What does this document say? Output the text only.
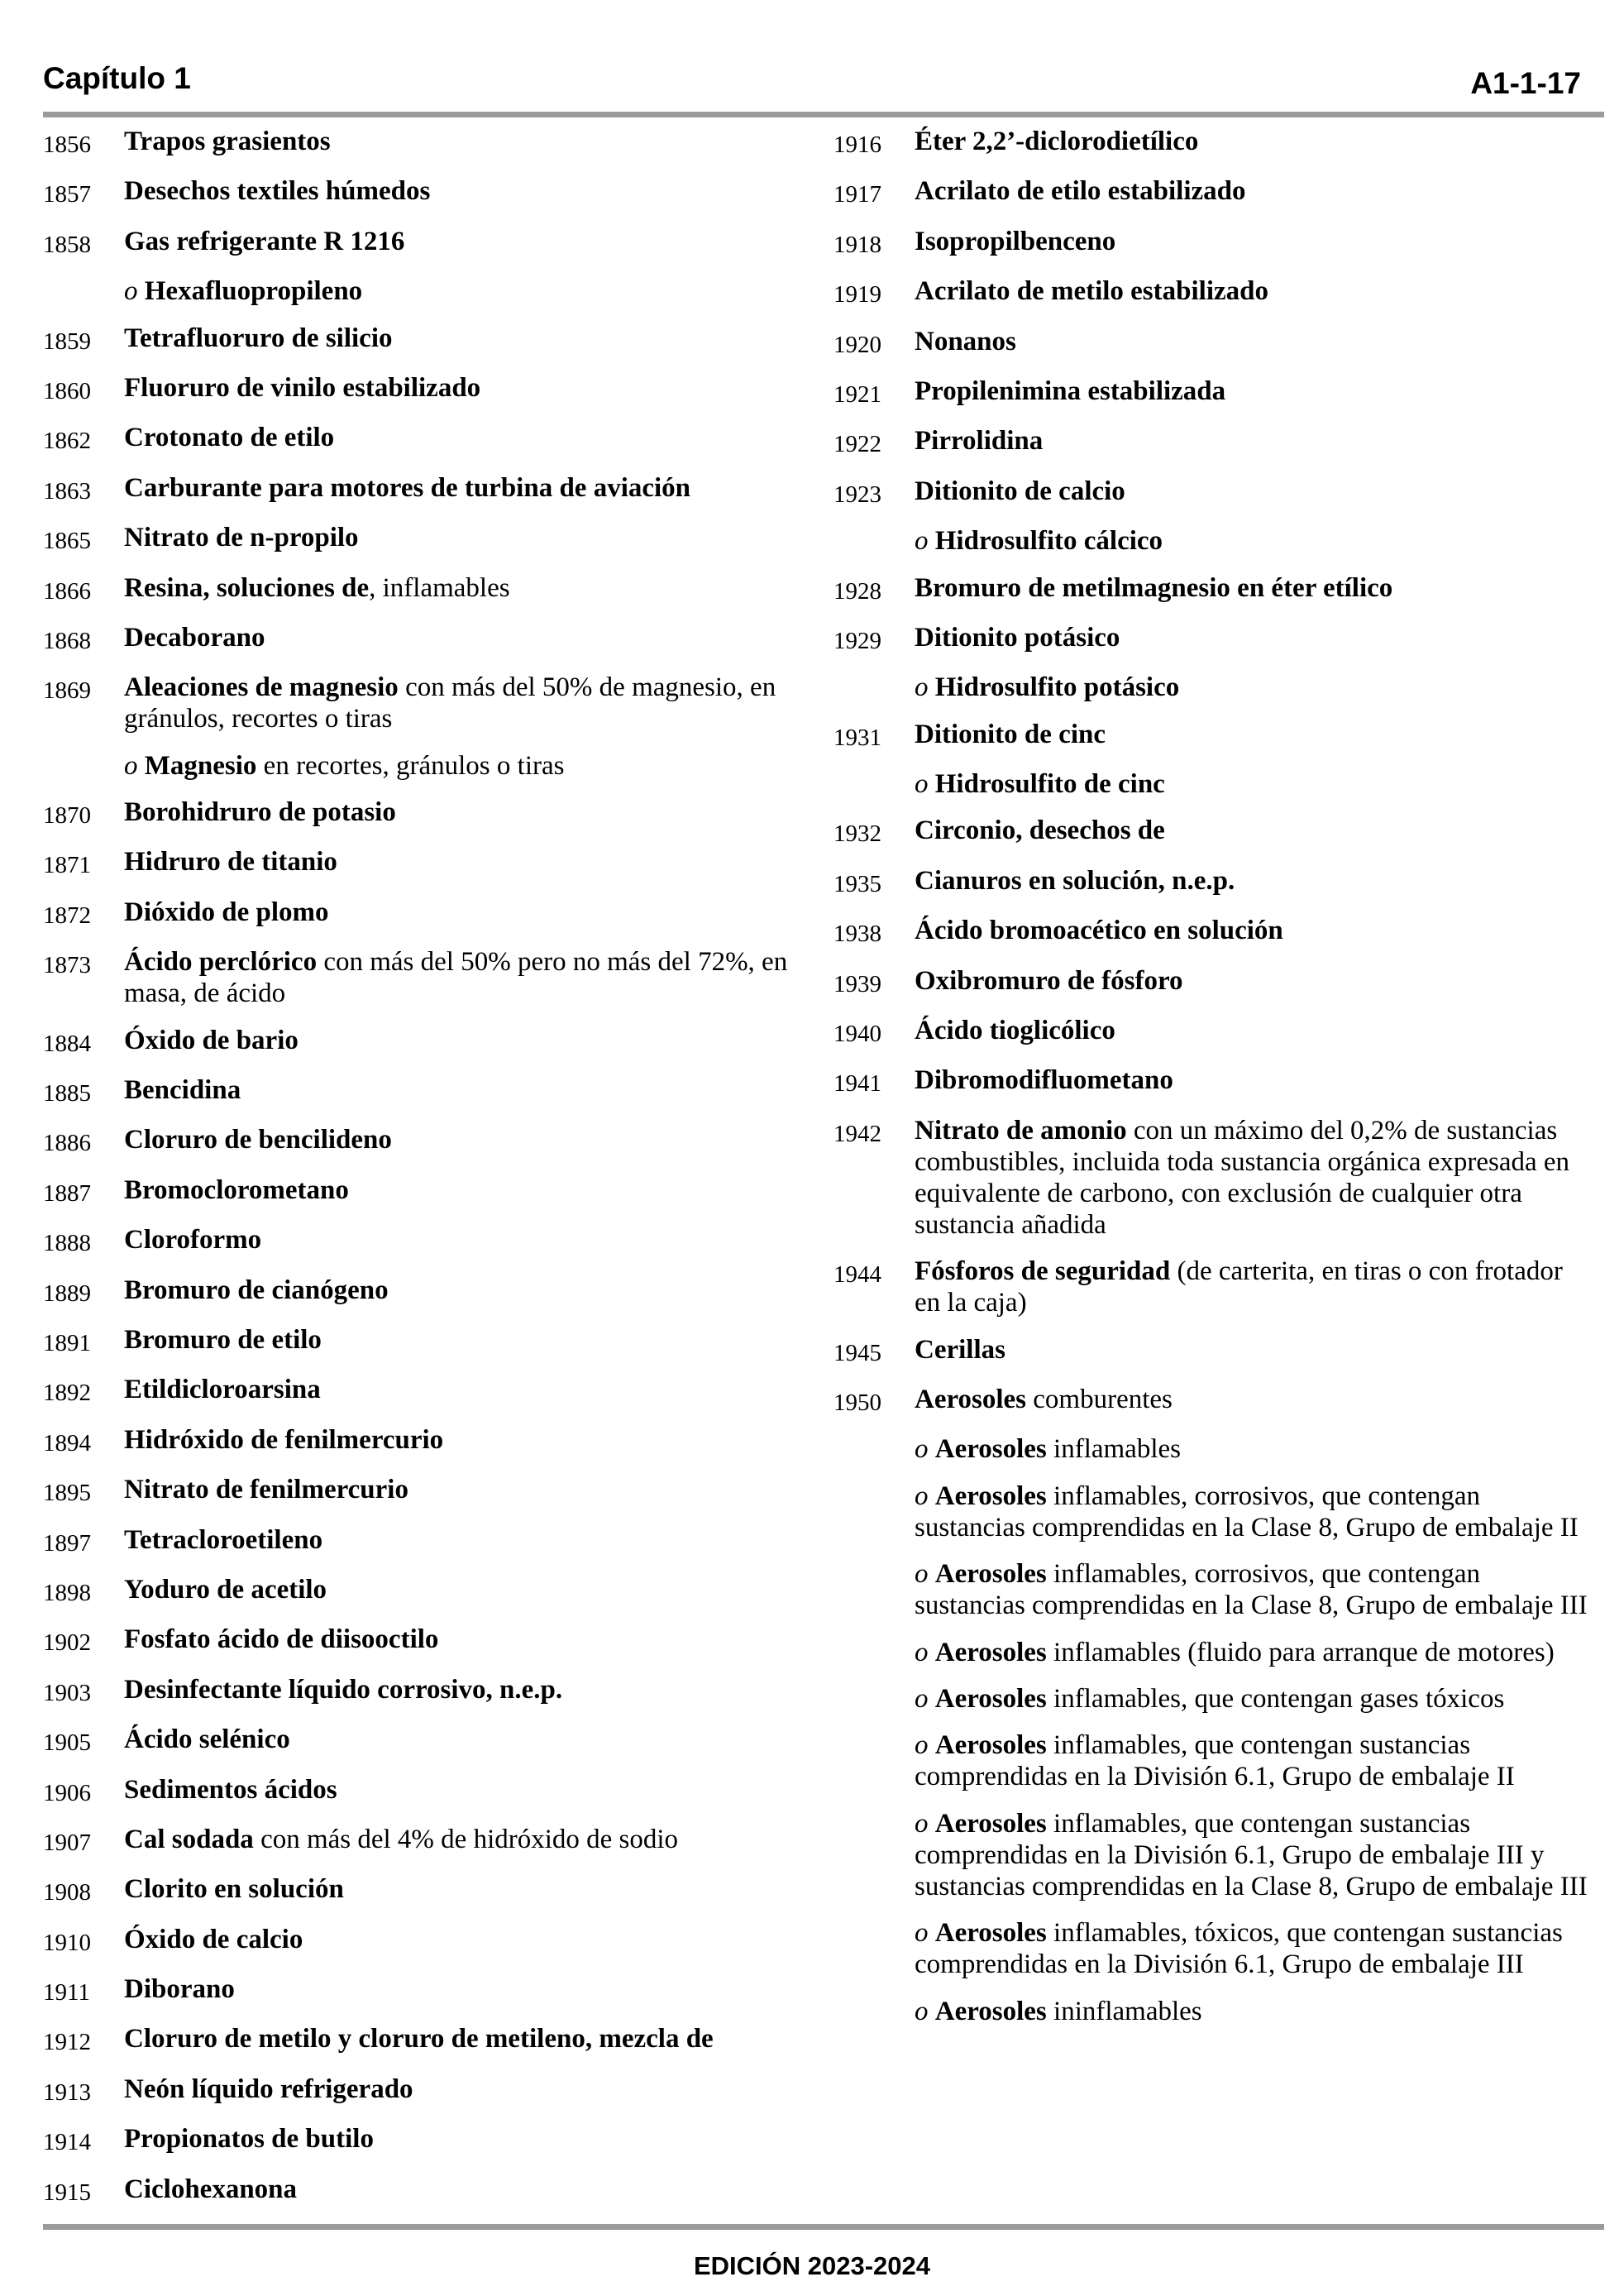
Capítulo 1	A1-1-17
1856	Trapos grasientos
1857	Desechos textiles húmedos
1858	Gas refrigerante R 1216
o Hexafluopropileno
1859	Tetrafluoruro de silicio
1860	Fluoruro de vinilo estabilizado
1862	Crotonato de etilo
1863	Carburante para motores de turbina de aviación
1865	Nitrato de n-propilo
1866	Resina, soluciones de, inflamables
1868	Decaborano
1869	Aleaciones de magnesio con más del 50% de magnesio, en gránulos, recortes o tiras
o Magnesio en recortes, gránulos o tiras
1870	Borohidruro de potasio
1871	Hidruro de titanio
1872	Dióxido de plomo
1873	Ácido perclórico con más del 50% pero no más del 72%, en masa, de ácido
1884	Óxido de bario
1885	Bencidina
1886	Cloruro de bencilideno
1887	Bromoclorometano
1888	Cloroformo
1889	Bromuro de cianógeno
1891	Bromuro de etilo
1892	Etildicloroarsina
1894	Hidróxido de fenilmercurio
1895	Nitrato de fenilmercurio
1897	Tetracloroetileno
1898	Yoduro de acetilo
1902	Fosfato ácido de diisooctilo
1903	Desinfectante líquido corrosivo, n.e.p.
1905	Ácido selénico
1906	Sedimentos ácidos
1907	Cal sodada con más del 4% de hidróxido de sodio
1908	Clorito en solución
1910	Óxido de calcio
1911	Diborano
1912	Cloruro de metilo y cloruro de metileno, mezcla de
1913	Neón líquido refrigerado
1914	Propionatos de butilo
1915	Ciclohexanona
1916	Éter 2,2’-diclorodietílico
1917	Acrilato de etilo estabilizado
1918	Isopropilbenceno
1919	Acrilato de metilo estabilizado
1920	Nonanos
1921	Propilenimina estabilizada
1922	Pirrolidina
1923	Ditionito de calcio
o Hidrosulfito cálcico
1928	Bromuro de metilmagnesio en éter etílico
1929	Ditionito potásico
o Hidrosulfito potásico
1931	Ditionito de cinc
o Hidrosulfito de cinc
1932	Circonio, desechos de
1935	Cianuros en solución, n.e.p.
1938	Ácido bromoacético en solución
1939	Oxibromuro de fósforo
1940	Ácido tioglicólico
1941	Dibromodifluometano
1942	Nitrato de amonio con un máximo del 0,2% de sustancias combustibles, incluida toda sustancia orgánica expresada en equivalente de carbono, con exclusión de cualquier otra sustancia añadida
1944	Fósforos de seguridad (de carterita, en tiras o con frotador en la caja)
1945	Cerillas
1950	Aerosoles comburentes
o Aerosoles inflamables
o Aerosoles inflamables, corrosivos, que contengan sustancias comprendidas en la Clase 8, Grupo de embalaje II
o Aerosoles inflamables, corrosivos, que contengan sustancias comprendidas en la Clase 8, Grupo de embalaje III
o Aerosoles inflamables (fluido para arranque de motores)
o Aerosoles inflamables, que contengan gases tóxicos
o Aerosoles inflamables, que contengan sustancias comprendidas en la División 6.1, Grupo de embalaje II
o Aerosoles inflamables, que contengan sustancias comprendidas en la División 6.1, Grupo de embalaje III y sustancias comprendidas en la Clase 8, Grupo de embalaje III
o Aerosoles inflamables, tóxicos, que contengan sustancias comprendidas en la División 6.1, Grupo de embalaje III
o Aerosoles ininflamables
EDICIÓN 2023-2024
